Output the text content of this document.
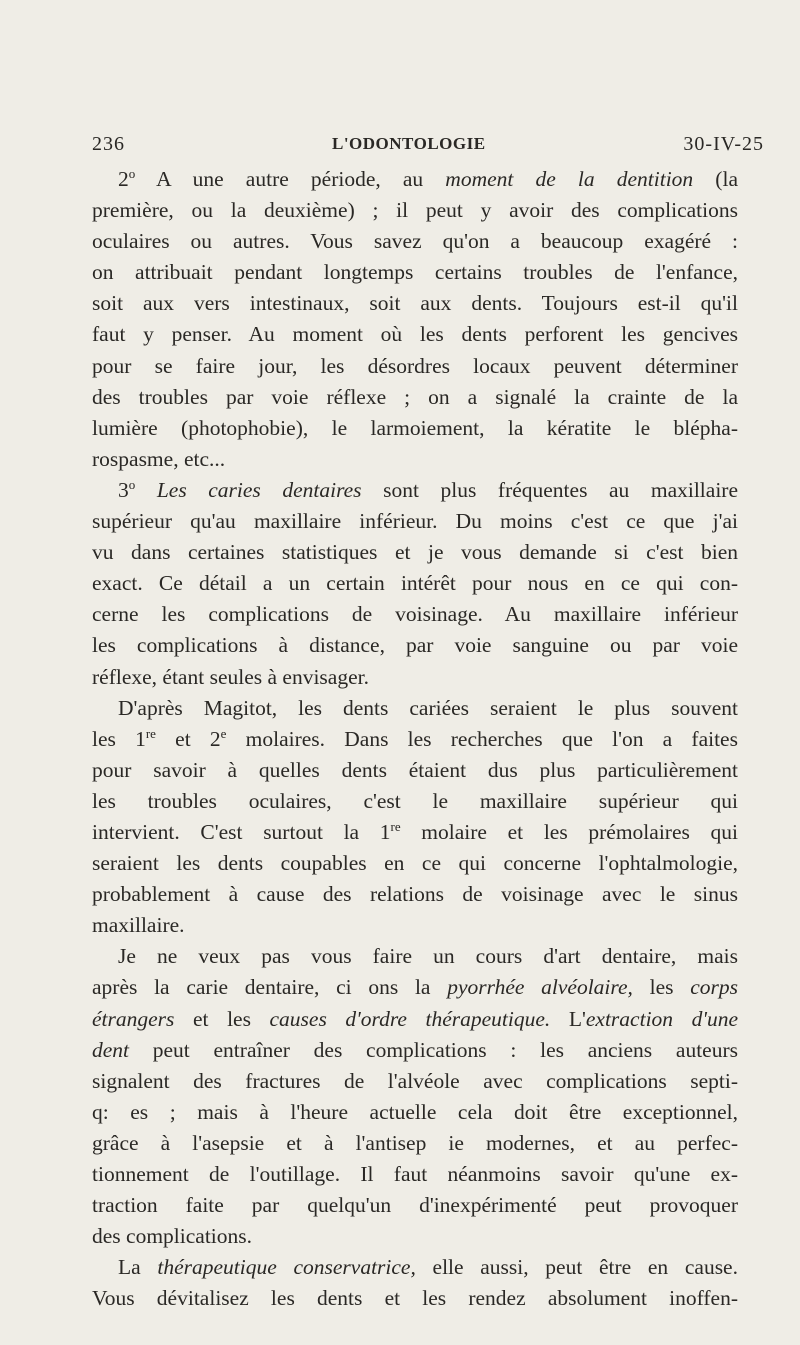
236	L'ODONTOLOGIE	30-IV-25
2$^o$ A une autre période, au moment de la dentition (la
première, ou la deuxième) ; il peut y avoir des complications
oculaires ou autres. Vous savez qu'on a beaucoup exagéré :
on attribuait pendant longtemps certains troubles de l'enfance,
soit aux vers intestinaux, soit aux dents. Toujours est-il qu'il
faut y penser. Au moment où les dents perforent les gencives
pour se faire jour, les désordres locaux peuvent déterminer
des troubles par voie réflexe ; on a signalé la crainte de la
lumière (photophobie), le larmoiement, la kératite le blépha-
rospasme, etc...
3$^o$ Les caries dentaires sont plus fréquentes au maxillaire
supérieur qu'au maxillaire inférieur. Du moins c'est ce que j'ai
vu dans certaines statistiques et je vous demande si c'est bien
exact. Ce détail a un certain intérêt pour nous en ce qui con-
cerne les complications de voisinage. Au maxillaire inférieur
les complications à distance, par voie sanguine ou par voie
réflexe, étant seules à envisager.
D'après Magitot, les dents cariées seraient le plus souvent
les 1re et 2e molaires. Dans les recherches que l'on a faites
pour savoir à quelles dents étaient dus plus particulièrement
les troubles oculaires, c'est le maxillaire supérieur qui
intervient. C'est surtout la 1re molaire et les prémolaires qui
seraient les dents coupables en ce qui concerne l'ophtalmologie,
probablement à cause des relations de voisinage avec le sinus
maxillaire.
Je ne veux pas vous faire un cours d'art dentaire, mais
après la carie dentaire, ci ons la pyorrhée alvéolaire, les corps
étrangers et les causes d'ordre thérapeutique. L'extraction d'une
dent peut entraîner des complications : les anciens auteurs
signalent des fractures de l'alvéole avec complications septi-
q: es ; mais à l'heure actuelle cela doit être exceptionnel,
grâce à l'asepsie et à l'antisep ie modernes, et au perfec-
tionnement de l'outillage. Il faut néanmoins savoir qu'une ex-
traction faite par quelqu'un d'inexpérimenté peut provoquer
des complications.
La thérapeutique conservatrice, elle aussi, peut être en cause.
Vous dévitalisez les dents et les rendez absolument inoffen-
